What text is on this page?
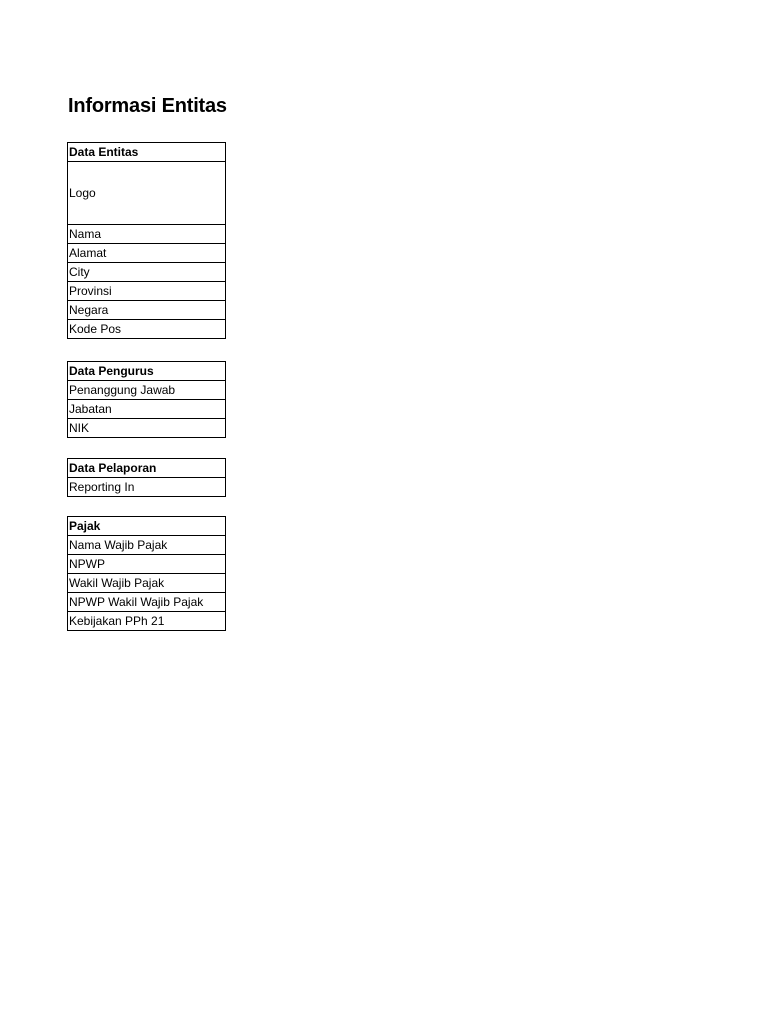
Informasi Entitas
Data Entitas
Logo
Nama
Alamat
City
Provinsi
Negara
Kode Pos
Data Pengurus
Penanggung Jawab
Jabatan
NIK
Data Pelaporan
Reporting In
Pajak
Nama Wajib Pajak
NPWP
Wakil Wajib Pajak
NPWP Wakil Wajib Pajak
Kebijakan PPh 21
